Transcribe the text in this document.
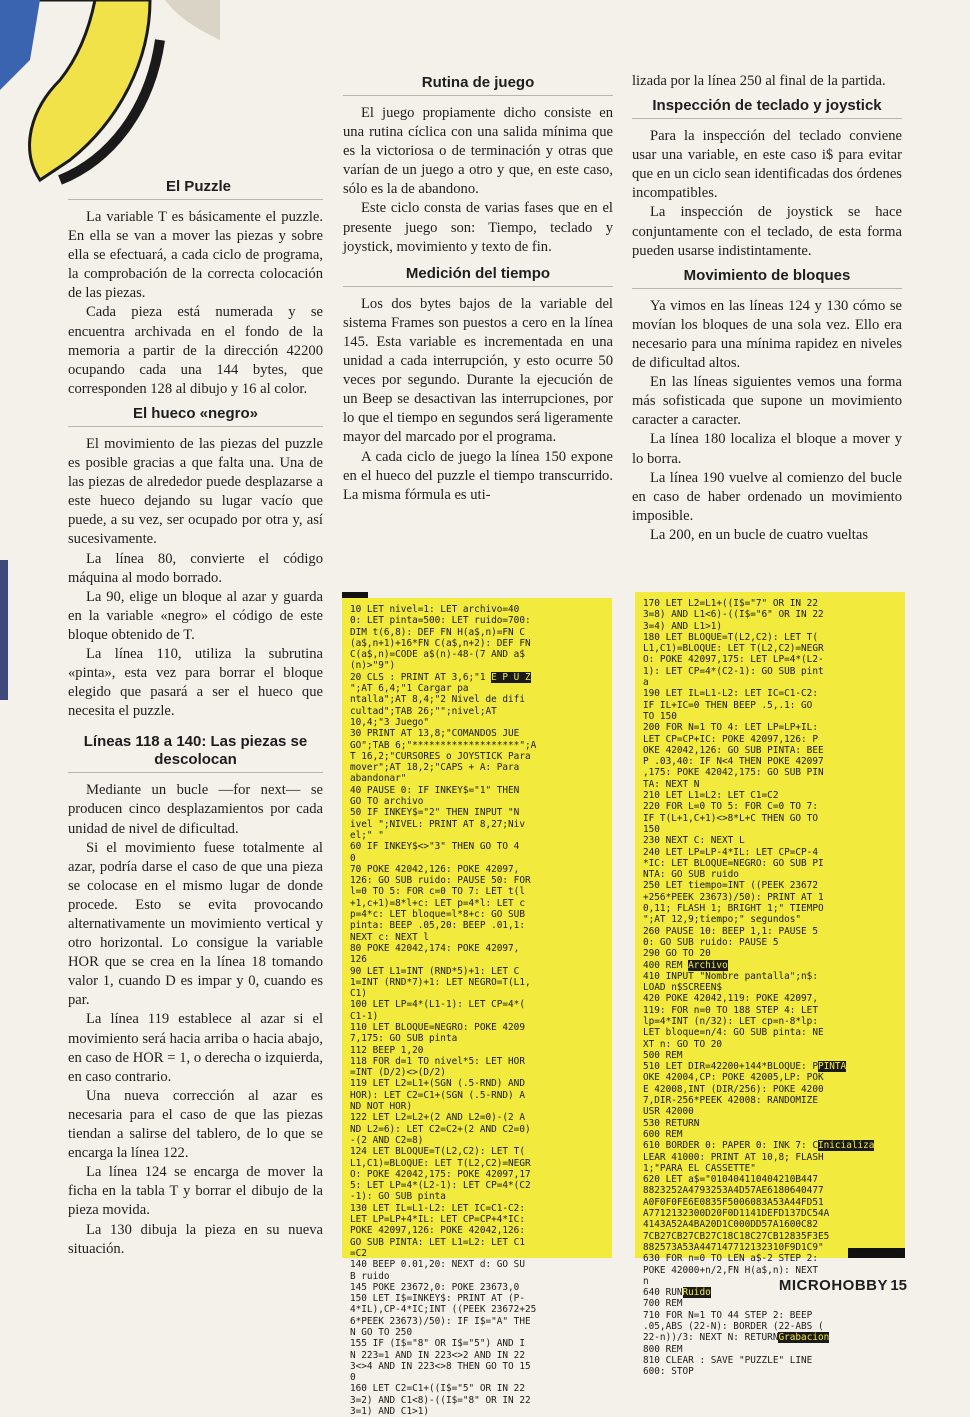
El Puzzle

La variable T es básicamente el puzzle. En ella se van a mover las piezas y sobre ella se efectuará, a cada ciclo de programa, la comprobación de la correcta colocación de las piezas.

Cada pieza está numerada y se encuentra archivada en el fondo de la memoria a partir de la dirección 42200 ocupando cada una 144 bytes, que corresponden 128 al dibujo y 16 al color.

El hueco «negro»

El movimiento de las piezas del puzzle es posible gracias a que falta una. Una de las piezas de alrededor puede desplazarse a este hueco dejando su lugar vacío que puede, a su vez, ser ocupado por otra y, así sucesivamente.

La línea 80, convierte el código máquina al modo borrado.

La 90, elige un bloque al azar y guarda en la variable «negro» el código de este bloque obtenido de T.

La línea 110, utiliza la subrutina «pinta», esta vez para borrar el bloque elegido que pasará a ser el hueco que necesita el puzzle.

Líneas 118 a 140: Las piezas se descolocan

Mediante un bucle —for next— se producen cinco desplazamientos por cada unidad de nivel de dificultad.

Si el movimiento fuese totalmente al azar, podría darse el caso de que una pieza se colocase en el mismo lugar de donde procede. Esto se evita provocando alternativamente un movimiento vertical y otro horizontal. Lo consigue la variable HOR que se crea en la línea 18 tomando valor 1, cuando D es impar y 0, cuando es par.

La línea 119 establece al azar si el movimiento será hacia arriba o hacia abajo, en caso de HOR = 1, o derecha o izquierda, en caso contrario.

Una nueva corrección al azar es necesaria para el caso de que las piezas tiendan a salirse del tablero, de lo que se encarga la línea 122.

La línea 124 se encarga de mover la ficha en la tabla T y borrar el dibujo de la pieza movida.

La 130 dibuja la pieza en su nueva situación.

Rutina de juego

El juego propiamente dicho consiste en una rutina cíclica con una salida mínima que es la victoriosa o de terminación y otras que varían de un juego a otro y que, en este caso, sólo es la de abandono.

Este ciclo consta de varias fases que en el presente juego son: Tiempo, teclado y joystick, movimiento y texto de fin.

Medición del tiempo

Los dos bytes bajos de la variable del sistema Frames son puestos a cero en la línea 145. Esta variable es incrementada en una unidad a cada interrupción, y esto ocurre 50 veces por segundo. Durante la ejecución de un Beep se desactivan las interrupciones, por lo que el tiempo en segundos será ligeramente mayor del marcado por el programa.

A cada ciclo de juego la línea 150 expone en el hueco del puzzle el tiempo transcurrido. La misma fórmula es uti-

lizada por la línea 250 al final de la partida.

Inspección de teclado y joystick

Para la inspección del teclado conviene usar una variable, en este caso i$ para evitar que en un ciclo sean identificadas dos órdenes incompatibles.

La inspección de joystick se hace conjuntamente con el teclado, de esta forma pueden usarse indistintamente.

Movimiento de bloques

Ya vimos en las líneas 124 y 130 cómo se movían los bloques de una sola vez. Ello era necesario para una mínima rapidez en niveles de dificultad altos.

En las líneas siguientes vemos una forma más sofisticada que supone un movimiento caracter a caracter.

La línea 180 localiza el bloque a mover y lo borra.

La línea 190 vuelve al comienzo del bucle en caso de haber ordenado un movimiento imposible.

La 200, en un bucle de cuatro vueltas

10 LET nivel=1: LET archivo=40
0: LET pinta=500: LET ruido=700:
DIM t(6,8): DEF FN H(a$,n)=FN C
(a$,n+1)+16*FN C(a$,n+2): DEF FN
C(a$,n)=CODE a$(n)-48-(7 AND a$
(n)>"9")
20 CLS : PRINT AT 3,6;"1 E P U Z
";AT 6,4;"1 Cargar pa
ntalla";AT 8,4;"2 Nivel de difi
cultad";TAB 26;"";nivel;AT
10,4;"3 Juego"
30 PRINT AT 13,8;"COMANDOS JUE
GO";TAB 6;"*******************";A
T 16,2;"CURSORES o JOYSTICK Para
mover";AT 18,2;"CAPS + A: Para
abandonar"
40 PAUSE 0: IF INKEY$="1" THEN
GO TO archivo
50 IF INKEY$="2" THEN INPUT "N
ivel ";NIVEL: PRINT AT 8,27;Niv
el;" "
60 IF INKEY$<>"3" THEN GO TO 4
0
70 POKE 42042,126: POKE 42097,
126: GO SUB ruido: PAUSE 50: FOR
l=0 TO 5: FOR c=0 TO 7: LET t(l
+1,c+1)=8*l+c: LET p=4*l: LET c
p=4*c: LET bloque=l*8+c: GO SUB
pinta: BEEP .05,20: BEEP .01,1:
NEXT c: NEXT l
80 POKE 42042,174: POKE 42097,
126
90 LET L1=INT (RND*5)+1: LET C
1=INT (RND*7)+1: LET NEGRO=T(L1,
C1)
100 LET LP=4*(L1-1): LET CP=4*(
C1-1)
110 LET BLOQUE=NEGRO: POKE 4209
7,175: GO SUB pinta
112 BEEP 1,20
118 FOR d=1 TO nivel*5: LET HOR
=INT (D/2)<>(D/2)
119 LET L2=L1+(SGN (.5-RND) AND
HOR): LET C2=C1+(SGN (.5-RND) A
ND NOT HOR)
122 LET L2=L2+(2 AND L2=0)-(2 A
ND L2=6): LET C2=C2+(2 AND C2=0)
-(2 AND C2=8)
124 LET BLOQUE=T(L2,C2): LET T(
L1,C1)=BLOQUE: LET T(L2,C2)=NEGR
O: POKE 42042,175: POKE 42097,17
5: LET LP=4*(L2-1): LET CP=4*(C2
-1): GO SUB pinta
130 LET IL=L1-L2: LET IC=C1-C2:
LET LP=LP+4*IL: LET CP=CP+4*IC:
POKE 42097,126: POKE 42042,126:
GO SUB PINTA: LET L1=L2: LET C1
=C2
140 BEEP 0.01,20: NEXT d: GO SU
B ruido
145 POKE 23672,0: POKE 23673,0
150 LET I$=INKEY$: PRINT AT (P-
4*IL),CP-4*IC;INT ((PEEK 23672+25
6*PEEK 23673)/50): IF I$="A" THE
N GO TO 250
155 IF (I$="8" OR I$="5") AND I
N 223=1 AND IN 223<>2 AND IN 22
3<>4 AND IN 223<>8 THEN GO TO 15
0
160 LET C2=C1+((I$="5" OR IN 22
3=2) AND C1<8)-((I$="8" OR IN 22
3=1) AND C1>1)
170 LET L2=L1+((I$="7" OR IN 22
3=8) AND L1<6)-((I$="6" OR IN 22
3=4) AND L1>1)
180 LET BLOQUE=T(L2,C2): LET T(
L1,C1)=BLOQUE: LET T(L2,C2)=NEGR
O: POKE 42097,175: LET LP=4*(L2-
1): LET CP=4*(C2-1): GO SUB pint
a
190 LET IL=L1-L2: LET IC=C1-C2:
IF IL+IC=0 THEN BEEP .5,.1: GO
TO 150
200 FOR N=1 TO 4: LET LP=LP+IL:
LET CP=CP+IC: POKE 42097,126: P
OKE 42042,126: GO SUB PINTA: BEE
P .03,40: IF N<4 THEN POKE 42097
,175: POKE 42042,175: GO SUB PIN
TA: NEXT N
210 LET L1=L2: LET C1=C2
220 FOR L=0 TO 5: FOR C=0 TO 7:
IF T(L+1,C+1)<>8*L+C THEN GO TO
150
230 NEXT C: NEXT L
240 LET LP=LP-4*IL: LET CP=CP-4
*IC: LET BLOQUE=NEGRO: GO SUB PI
NTA: GO SUB ruido
250 LET tiempo=INT ((PEEK 23672
+256*PEEK 23673)/50): PRINT AT 1
0,11; FLASH 1; BRIGHT 1;" TIEMPO
";AT 12,9;tiempo;" segundos"
260 PAUSE 10: BEEP 1,1: PAUSE 5
0: GO SUB ruido: PAUSE 5
290 GO TO 20
400 REM Archivo
410 INPUT "Nombre pantalla";n$:
LOAD n$SCREEN$
420 POKE 42042,119: POKE 42097,
119: FOR n=0 TO 188 STEP 4: LET
lp=4*INT (n/32): LET cp=n-8*lp:
LET bloque=n/4: GO SUB pinta: NE
XT n: GO TO 20
500 REM
510 LET DIR=42200+144*BLOQUE: PPINTA
OKE 42004,CP: POKE 42005,LP: POK
E 42008,INT (DIR/256): POKE 4200
7,DIR-256*PEEK 42008: RANDOMIZE
USR 42000
530 RETURN
600 REM
610 BORDER 0: PAPER 0: INK 7: CInicializa
LEAR 41000: PRINT AT 10,8; FLASH
1;"PARA EL CASSETTE"
620 LET a$="010404110404210B447
8823252A4793253A4D57AE6180640477
A0F0F0FE6E0835F5006083A53A44FD51
A7712132300D20F0D1141DEFD137DC54A
4143A52A4BA20D1C000DD57A1600C82
7CB27CB27CB27C18C18C27CB12835F3E5
882573A53A447147712132310F9D1C9"
630 FOR n=0 TO LEN a$-2 STEP 2:
POKE 42000+n/2,FN H(a$,n): NEXT
n
640 RUNRuido
700 REM
710 FOR N=1 TO 44 STEP 2: BEEP
.05,ABS (22-N): BORDER (22-ABS (
22-n))/3: NEXT N: RETURNGrabacion
800 REM
810 CLEAR : SAVE "PUZZLE" LINE
600: STOP
MICROHOBBY 15
